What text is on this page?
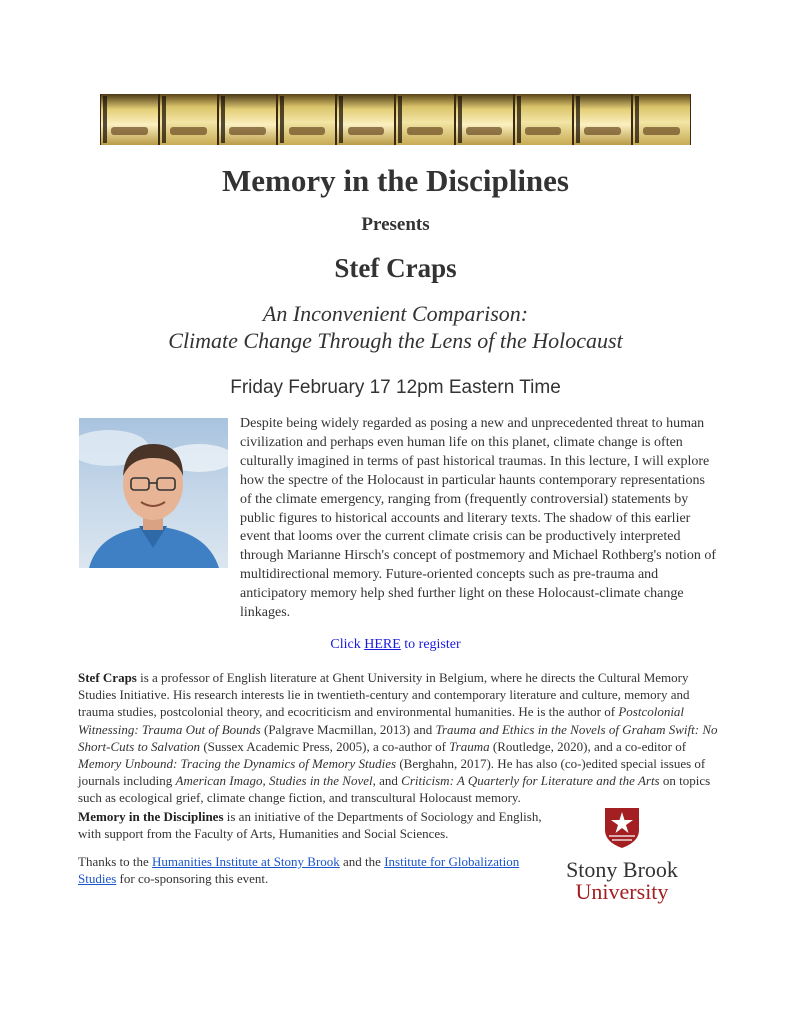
Memory in the Disciplines
Presents
Stef Craps
An Inconvenient Comparison:
Climate Change Through the Lens of the Holocaust
Friday February 17 12pm Eastern Time

Despite being widely regarded as posing a new and unprecedented threat to human civilization and perhaps even human life on this planet, climate change is often culturally imagined in terms of past historical traumas. In this lecture, I will explore how the spectre of the Holocaust in particular haunts contemporary representations of the climate emergency, ranging from (frequently controversial) statements by public figures to historical accounts and literary texts. The shadow of this earlier event that looms over the current climate crisis can be productively interpreted through Marianne Hirsch's concept of postmemory and Michael Rothberg's notion of multidirectional memory. Future-oriented concepts such as pre-trauma and anticipatory memory help shed further light on these Holocaust-climate change linkages.

Click HERE to register

Stef Craps is a professor of English literature at Ghent University in Belgium, where he directs the Cultural Memory Studies Initiative. His research interests lie in twentieth-century and contemporary literature and culture, memory and trauma studies, postcolonial theory, and ecocriticism and environmental humanities. He is the author of Postcolonial Witnessing: Trauma Out of Bounds (Palgrave Macmillan, 2013) and Trauma and Ethics in the Novels of Graham Swift: No Short-Cuts to Salvation (Sussex Academic Press, 2005), a co-author of Trauma (Routledge, 2020), and a co-editor of Memory Unbound: Tracing the Dynamics of Memory Studies (Berghahn, 2017). He has also (co-)edited special issues of journals including American Imago, Studies in the Novel, and Criticism: A Quarterly for Literature and the Arts on topics such as ecological grief, climate change fiction, and transcultural Holocaust memory.

Memory in the Disciplines is an initiative of the Departments of Sociology and English, with support from the Faculty of Arts, Humanities and Social Sciences.

Thanks to the Humanities Institute at Stony Brook and the Institute for Globalization Studies for co-sponsoring this event.	Stony Brook
University
